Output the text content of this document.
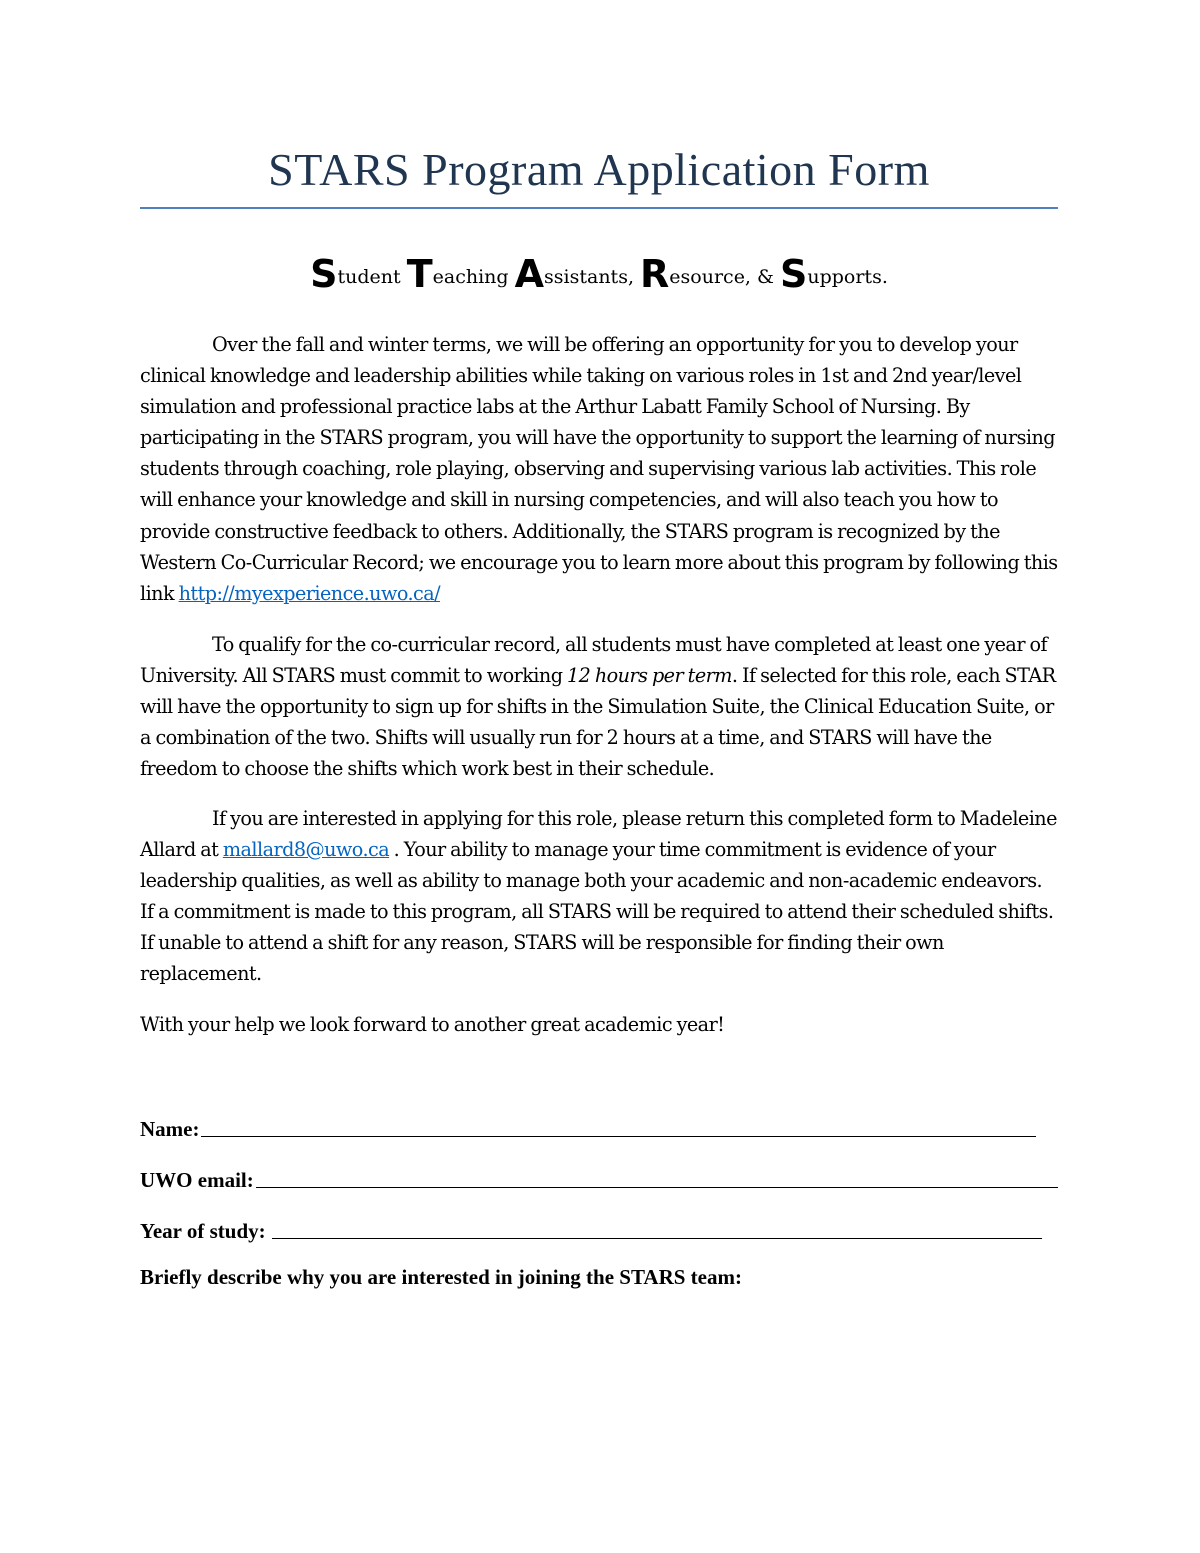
STARS Program Application Form
Student Teaching Assistants, Resource, & Supports.

Over the fall and winter terms, we will be offering an opportunity for you to develop your clinical knowledge and leadership abilities while taking on various roles in 1st and 2nd year/level simulation and professional practice labs at the Arthur Labatt Family School of Nursing. By participating in the STARS program, you will have the opportunity to support the learning of nursing students through coaching, role playing, observing and supervising various lab activities. This role will enhance your knowledge and skill in nursing competencies, and will also teach you how to provide constructive feedback to others. Additionally, the STARS program is recognized by the Western Co-Curricular Record; we encourage you to learn more about this program by following this link http://myexperience.uwo.ca/

To qualify for the co-curricular record, all students must have completed at least one year of University. All STARS must commit to working 12 hours per term. If selected for this role, each STAR will have the opportunity to sign up for shifts in the Simulation Suite, the Clinical Education Suite, or a combination of the two. Shifts will usually run for 2 hours at a time, and STARS will have the freedom to choose the shifts which work best in their schedule.

If you are interested in applying for this role, please return this completed form to Madeleine Allard at mallard8@uwo.ca . Your ability to manage your time commitment is evidence of your leadership qualities, as well as ability to manage both your academic and non-academic endeavors. If a commitment is made to this program, all STARS will be required to attend their scheduled shifts. If unable to attend a shift for any reason, STARS will be responsible for finding their own replacement.

With your help we look forward to another great academic year!

Name:
UWO email:
Year of study:
Briefly describe why you are interested in joining the STARS team:
